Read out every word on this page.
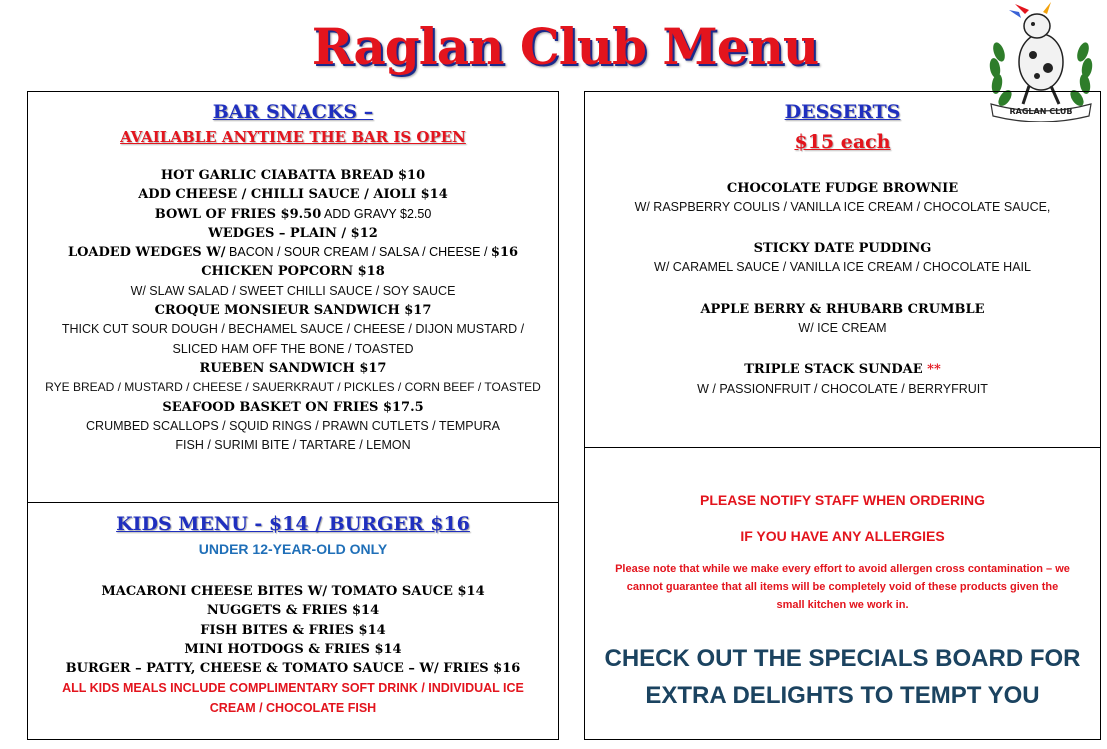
Raglan Club Menu
RAGLAN CLUB
BAR SNACKS –
AVAILABLE ANYTIME THE BAR IS OPEN
HOT GARLIC CIABATTA BREAD $10
ADD CHEESE / CHILLI SAUCE / AIOLI $14
BOWL OF FRIES $9.50 ADD GRAVY $2.50
WEDGES – PLAIN / $12
LOADED WEDGES W/ BACON / SOUR CREAM / SALSA / CHEESE / $16
CHICKEN POPCORN $18
W/ SLAW SALAD / SWEET CHILLI SAUCE / SOY SAUCE
CROQUE MONSIEUR SANDWICH $17
THICK CUT SOUR DOUGH / BECHAMEL SAUCE / CHEESE / DIJON MUSTARD /
SLICED HAM OFF THE BONE / TOASTED
RUEBEN SANDWICH $17
RYE BREAD / MUSTARD / CHEESE / SAUERKRAUT / PICKLES / CORN BEEF / TOASTED
SEAFOOD BASKET ON FRIES $17.5
CRUMBED SCALLOPS / SQUID RINGS / PRAWN CUTLETS / TEMPURA
FISH / SURIMI BITE / TARTARE / LEMON
KIDS MENU - $14 / BURGER $16
UNDER 12-YEAR-OLD ONLY
MACARONI CHEESE BITES W/ TOMATO SAUCE $14
NUGGETS & FRIES $14
FISH BITES & FRIES $14
MINI HOTDOGS & FRIES $14
BURGER – PATTY, CHEESE & TOMATO SAUCE – W/ FRIES $16
ALL KIDS MEALS INCLUDE COMPLIMENTARY SOFT DRINK / INDIVIDUAL ICE
CREAM / CHOCOLATE FISH
DESSERTS
$15 each
CHOCOLATE FUDGE BROWNIE
W/ RASPBERRY COULIS / VANILLA ICE CREAM / CHOCOLATE SAUCE,
STICKY DATE PUDDING
W/ CARAMEL SAUCE / VANILLA ICE CREAM / CHOCOLATE HAIL
APPLE BERRY & RHUBARB CRUMBLE
W/ ICE CREAM
TRIPLE STACK SUNDAE **
W / PASSIONFRUIT / CHOCOLATE / BERRYFRUIT
PLEASE NOTIFY STAFF WHEN ORDERING
IF YOU HAVE ANY ALLERGIES
Please note that while we make every effort to avoid allergen cross contamination – we
cannot guarantee that all items will be completely void of these products given the
small kitchen we work in.
CHECK OUT THE SPECIALS BOARD FOR
EXTRA DELIGHTS TO TEMPT YOU
